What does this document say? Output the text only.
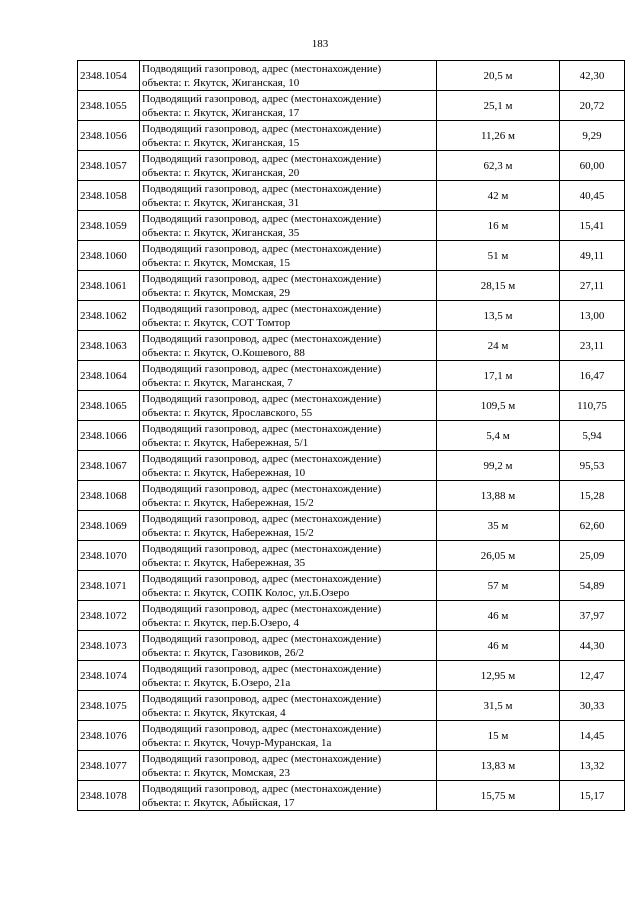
183
2348.1054	Подводящий газопровод, адрес (местонахождение)
объекта: г. Якутск, Жиганская, 10	20,5 м	42,30
2348.1055	Подводящий газопровод, адрес (местонахождение)
объекта: г. Якутск, Жиганская, 17	25,1 м	20,72
2348.1056	Подводящий газопровод, адрес (местонахождение)
объекта: г. Якутск, Жиганская, 15	11,26 м	9,29
2348.1057	Подводящий газопровод, адрес (местонахождение)
объекта: г. Якутск, Жиганская, 20	62,3 м	60,00
2348.1058	Подводящий газопровод, адрес (местонахождение)
объекта: г. Якутск, Жиганская, 31	42 м	40,45
2348.1059	Подводящий газопровод, адрес (местонахождение)
объекта: г. Якутск, Жиганская, 35	16 м	15,41
2348.1060	Подводящий газопровод, адрес (местонахождение)
объекта: г. Якутск, Момская, 15	51 м	49,11
2348.1061	Подводящий газопровод, адрес (местонахождение)
объекта: г. Якутск, Момская, 29	28,15 м	27,11
2348.1062	Подводящий газопровод, адрес (местонахождение)
объекта: г. Якутск, СОТ Томтор	13,5 м	13,00
2348.1063	Подводящий газопровод, адрес (местонахождение)
объекта: г. Якутск, О.Кошевого, 88	24 м	23,11
2348.1064	Подводящий газопровод, адрес (местонахождение)
объекта: г. Якутск, Маганская, 7	17,1 м	16,47
2348.1065	Подводящий газопровод, адрес (местонахождение)
объекта: г. Якутск, Ярославского, 55	109,5 м	110,75
2348.1066	Подводящий газопровод, адрес (местонахождение)
объекта: г. Якутск, Набережная, 5/1	5,4 м	5,94
2348.1067	Подводящий газопровод, адрес (местонахождение)
объекта: г. Якутск, Набережная, 10	99,2 м	95,53
2348.1068	Подводящий газопровод, адрес (местонахождение)
объекта: г. Якутск, Набережная, 15/2	13,88 м	15,28
2348.1069	Подводящий газопровод, адрес (местонахождение)
объекта: г. Якутск, Набережная, 15/2	35 м	62,60
2348.1070	Подводящий газопровод, адрес (местонахождение)
объекта: г. Якутск, Набережная, 35	26,05 м	25,09
2348.1071	Подводящий газопровод, адрес (местонахождение)
объекта: г. Якутск, СОПК Колос, ул.Б.Озеро	57 м	54,89
2348.1072	Подводящий газопровод, адрес (местонахождение)
объекта: г. Якутск, пер.Б.Озеро, 4	46 м	37,97
2348.1073	Подводящий газопровод, адрес (местонахождение)
объекта: г. Якутск, Газовиков, 26/2	46 м	44,30
2348.1074	Подводящий газопровод, адрес (местонахождение)
объекта: г. Якутск, Б.Озеро, 21а	12,95 м	12,47
2348.1075	Подводящий газопровод, адрес (местонахождение)
объекта: г. Якутск, Якутская, 4	31,5 м	30,33
2348.1076	Подводящий газопровод, адрес (местонахождение)
объекта: г. Якутск, Чочур-Муранская, 1а	15 м	14,45
2348.1077	Подводящий газопровод, адрес (местонахождение)
объекта: г. Якутск, Момская, 23	13,83 м	13,32
2348.1078	Подводящий газопровод, адрес (местонахождение)
объекта: г. Якутск, Абыйская, 17	15,75 м	15,17
